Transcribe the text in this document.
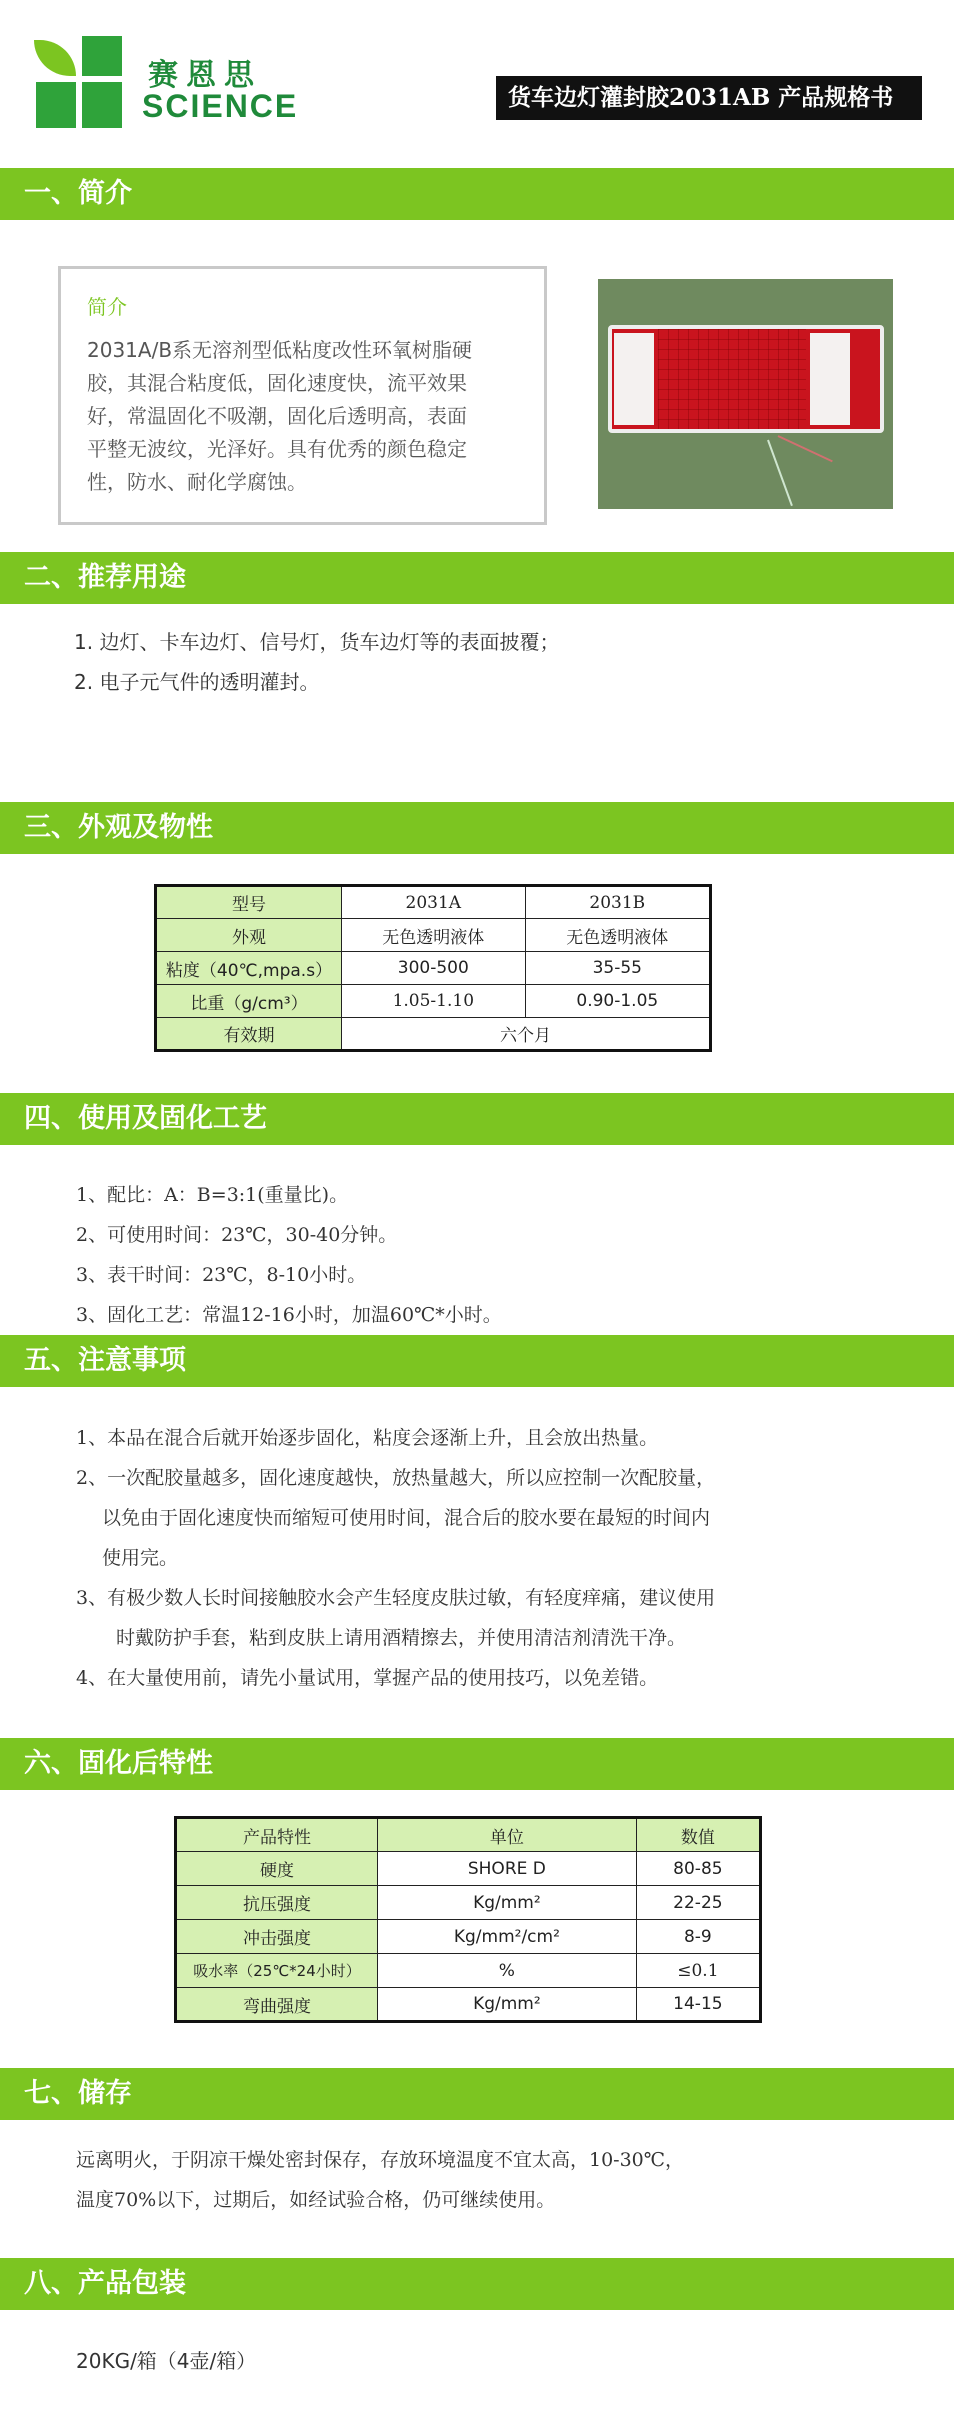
赛恩思
SCIENCE	货车边灯灌封胶2031AB 产品规格书
一、简介
简介
2031A/B系无溶剂型低粘度改性环氧树脂硬
胶，其混合粘度低，固化速度快，流平效果
好，常温固化不吸潮，固化后透明高，表面
平整无波纹，光泽好。具有优秀的颜色稳定
性，防水、耐化学腐蚀。
二、推荐用途
1. 边灯、卡车边灯、信号灯，货车边灯等的表面披覆；
2. 电子元气件的透明灌封。
三、外观及物性
型号	2031A	2031B
外观	无色透明液体	无色透明液体
粘度（40℃,mpa.s）	300-500	35-55
比重（g/cm³）	1.05-1.10	0.90-1.05
有效期	六个月	
四、使用及固化工艺
1、配比：A：B=3:1(重量比)。
2、可使用时间：23℃，30-40分钟。
3、表干时间：23℃，8-10小时。
3、固化工艺：常温12-16小时，加温60℃*小时。
五、注意事项
1、本品在混合后就开始逐步固化，粘度会逐渐上升，且会放出热量。
2、一次配胶量越多，固化速度越快，放热量越大，所以应控制一次配胶量，
以免由于固化速度快而缩短可使用时间，混合后的胶水要在最短的时间内
使用完。
3、有极少数人长时间接触胶水会产生轻度皮肤过敏，有轻度痒痛，建议使用
时戴防护手套，粘到皮肤上请用酒精擦去，并使用清洁剂清洗干净。
4、在大量使用前，请先小量试用，掌握产品的使用技巧，以免差错。
六、固化后特性
产品特性	单位	数值
硬度	SHORE D	80-85
抗压强度	Kg/mm²	22-25
冲击强度	Kg/mm²/cm²	8-9
吸水率（25℃*24小时）	%	≤0.1
弯曲强度	Kg/mm²	14-15
七、储存
远离明火，于阴凉干燥处密封保存，存放环境温度不宜太高，10-30℃，
温度70%以下，过期后，如经试验合格，仍可继续使用。
八、产品包装
20KG/箱（4壶/箱）
